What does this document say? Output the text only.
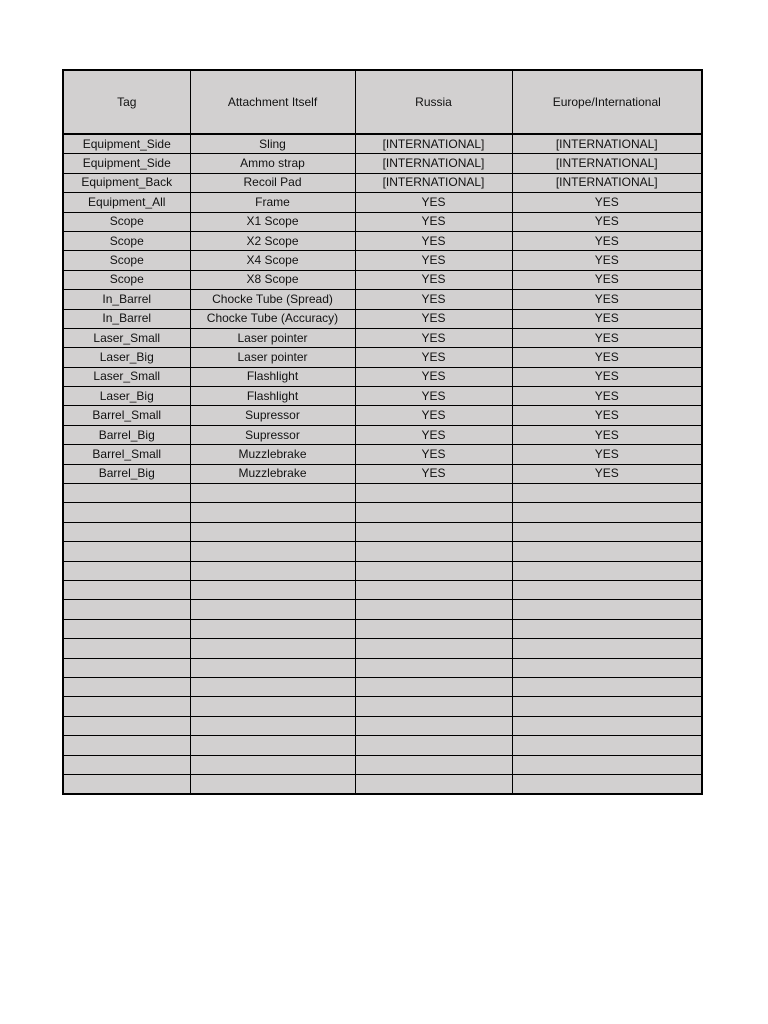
Tag	Attachment Itself	Russia	Europe/International
Equipment_Side	Sling	[INTERNATIONAL]	[INTERNATIONAL]
Equipment_Side	Ammo strap	[INTERNATIONAL]	[INTERNATIONAL]
Equipment_Back	Recoil Pad	[INTERNATIONAL]	[INTERNATIONAL]
Equipment_All	Frame	YES	YES
Scope	X1 Scope	YES	YES
Scope	X2 Scope	YES	YES
Scope	X4 Scope	YES	YES
Scope	X8 Scope	YES	YES
In_Barrel	Chocke Tube (Spread)	YES	YES
In_Barrel	Chocke Tube (Accuracy)	YES	YES
Laser_Small	Laser pointer	YES	YES
Laser_Big	Laser pointer	YES	YES
Laser_Small	Flashlight	YES	YES
Laser_Big	Flashlight	YES	YES
Barrel_Small	Supressor	YES	YES
Barrel_Big	Supressor	YES	YES
Barrel_Small	Muzzlebrake	YES	YES
Barrel_Big	Muzzlebrake	YES	YES
